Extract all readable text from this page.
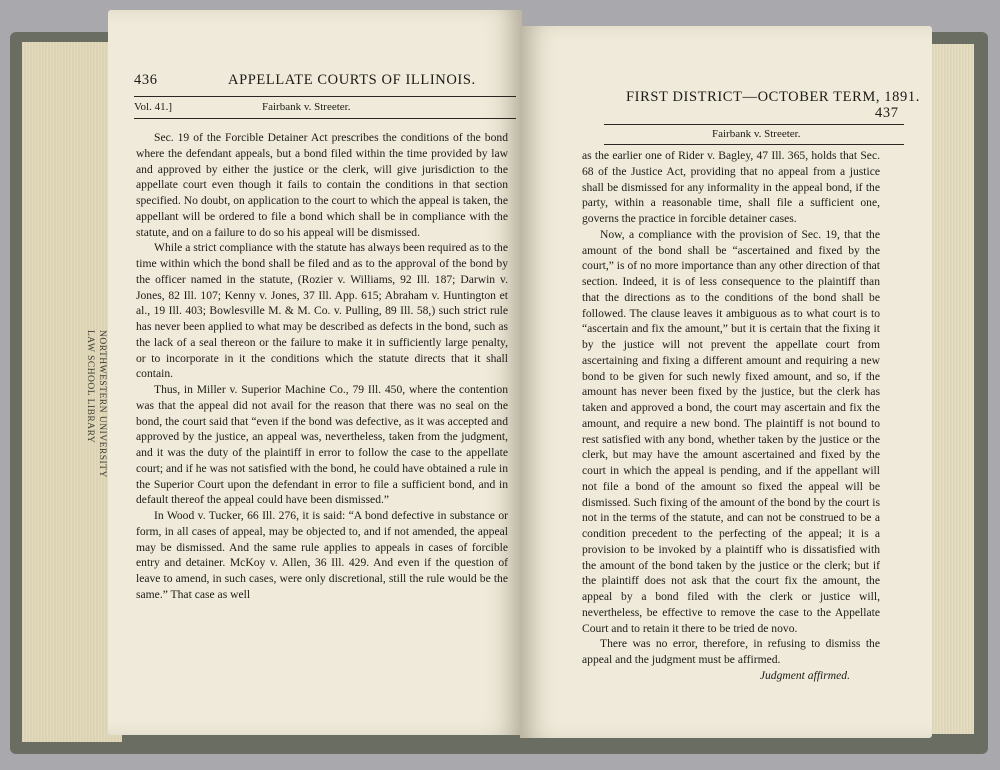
NORTHWESTERN UNIVERSITY
LAW SCHOOL LIBRARY
436	APPELLATE COURTS OF ILLINOIS.
Vol. 41.]	Fairbank v. Streeter.

Sec. 19 of the Forcible Detainer Act prescribes the conditions of the bond where the defendant appeals, but a bond filed within the time provided by law and approved by either the justice or the clerk, will give jurisdiction to the appellate court even though it fails to contain the conditions in that section specified. No doubt, on application to the court to which the appeal is taken, the appellant will be ordered to file a bond which shall be in compliance with the statute, and on a failure to do so his appeal will be dismissed.

While a strict compliance with the statute has always been required as to the time within which the bond shall be filed and as to the approval of the bond by the officer named in the statute, (Rozier v. Williams, 92 Ill. 187; Darwin v. Jones, 82 Ill. 107; Kenny v. Jones, 37 Ill. App. 615; Abraham v. Huntington et al., 19 Ill. 403; Bowlesville M. & M. Co. v. Pulling, 89 Ill. 58,) such strict rule has never been applied to what may be described as defects in the bond, such as the lack of a seal thereon or the failure to make it in sufficiently large penalty, or to incorporate in it the conditions which the statute directs that it shall contain.

Thus, in Miller v. Superior Machine Co., 79 Ill. 450, where the contention was that the appeal did not avail for the reason that there was no seal on the bond, the court said that “even if the bond was defective, as it was accepted and approved by the justice, an appeal was, nevertheless, taken from the judgment, and it was the duty of the plaintiff in error to follow the case to the appellate court; and if he was not satisfied with the bond, he could have obtained a rule in the Superior Court upon the defendant in error to file a sufficient bond, and in default thereof the appeal could have been dismissed.”

In Wood v. Tucker, 66 Ill. 276, it is said: “A bond defective in substance or form, in all cases of appeal, may be objected to, and if not amended, the appeal may be dismissed. And the same rule applies to appeals in cases of forcible entry and detainer. McKoy v. Allen, 36 Ill. 429. And even if the question of leave to amend, in such cases, were only discretional, still the rule would be the same.” That case as well

FIRST DISTRICT—OCTOBER TERM, 1891.
437
Fairbank v. Streeter.

as the earlier one of Rider v. Bagley, 47 Ill. 365, holds that Sec. 68 of the Justice Act, providing that no appeal from a justice shall be dismissed for any informality in the appeal bond, if the party, within a reasonable time, shall file a sufficient one, governs the practice in forcible detainer cases.

Now, a compliance with the provision of Sec. 19, that the amount of the bond shall be “ascertained and fixed by the court,” is of no more importance than any other direction of that section. Indeed, it is of less consequence to the plaintiff than that the directions as to the conditions of the bond shall be followed. The clause leaves it ambiguous as to what court is to “ascertain and fix the amount,” but it is certain that the fixing it by the justice will not prevent the appellate court from ascertaining and fixing a different amount and requiring a new bond to be given for such newly fixed amount, and so, if the amount has never been fixed by the justice, but the clerk has taken and approved a bond, the court may ascertain and fix the amount, and require a new bond. The plaintiff is not bound to rest satisfied with any bond, whether taken by the justice or the clerk, but may have the amount ascertained and fixed by the court in which the appeal is pending, and if the appellant will not file a bond of the amount so fixed the appeal will be dismissed. Such fixing of the amount of the bond by the court is not in the terms of the statute, and can not be construed to be a condition precedent to the perfecting of the appeal; it is a provision to be invoked by a plaintiff who is dissatisfied with the amount of the bond taken by the justice or the clerk; but if the plaintiff does not ask that the court fix the amount, the appeal by a bond filed with the clerk or justice will, nevertheless, be effective to remove the case to the Appellate Court and to retain it there to be tried de novo.

There was no error, therefore, in refusing to dismiss the appeal and the judgment must be affirmed.

Judgment affirmed.
